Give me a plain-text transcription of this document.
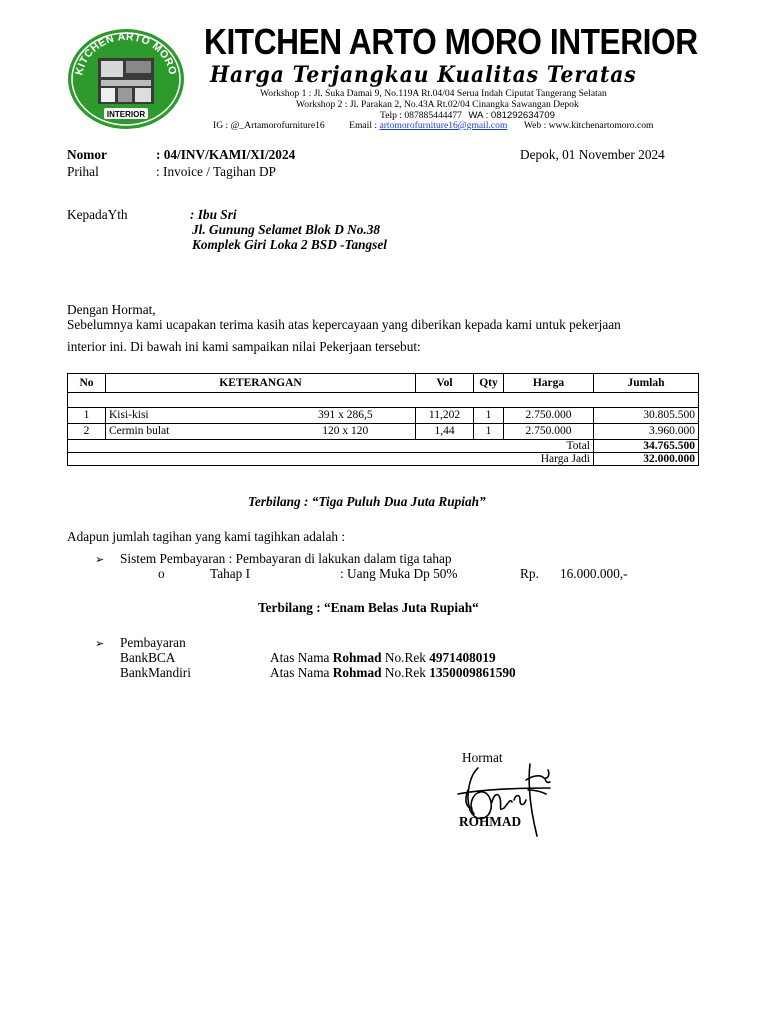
KITCHEN ARTO MORO
INTERIOR
KITCHEN ARTO MORO INTERIOR
Harga Terjangkau Kualitas Teratas
Workshop 1 : Jl. Suka Damai 9, No.119A Rt.04/04 Serua Indah Ciputat Tangerang Selatan
Workshop 2 : Jl. Parakan 2, No.43A Rt.02/04 Cinangka Sawangan Depok
Telp : 087885444477 WA : 081292634709
IG : @_Artamorofurniture16	Email : artomorofurniture16@gmail.com Web : www.kitchenartomoro.com
Nomor	: 04/INV/KAMI/XI/2024	Depok, 01 November 2024
Prihal	: Invoice / Tagihan DP
KepadaYth	: Ibu Sri
Jl. Gunung Selamet Blok D No.38
Komplek Giri Loka 2 BSD -Tangsel
Dengan Hormat,
Sebelumnya kami ucapakan terima kasih atas kepercayaan yang diberikan kepada kami untuk pekerjaan
interior ini. Di bawah ini kami sampaikan nilai Pekerjaan tersebut:
No	KETERANGAN		Vol	Qty	Harga	Jumlah

1	Kisi-kisi	391 x 286,5	11,202	1	2.750.000	30.805.500
2	Cermin bulat	120 x 120	1,44	1	2.750.000	3.960.000
Total						34.765.500
Harga Jadi						32.000.000
Terbilang : “Tiga Puluh Dua Juta Rupiah”
Adapun jumlah tagihan yang kami tagihkan adalah :
➢ Sistem Pembayaran : Pembayaran di lakukan dalam tiga tahap
o	Tahap I	: Uang Muka Dp 50%	Rp. 16.000.000,-
Terbilang : “Enam Belas Juta Rupiah“
➢ Pembayaran
BankBCA	Atas Nama Rohmad No.Rek 4971408019
BankMandiri	Atas Nama Rohmad No.Rek 1350009861590
Hormat
ROHMAD
